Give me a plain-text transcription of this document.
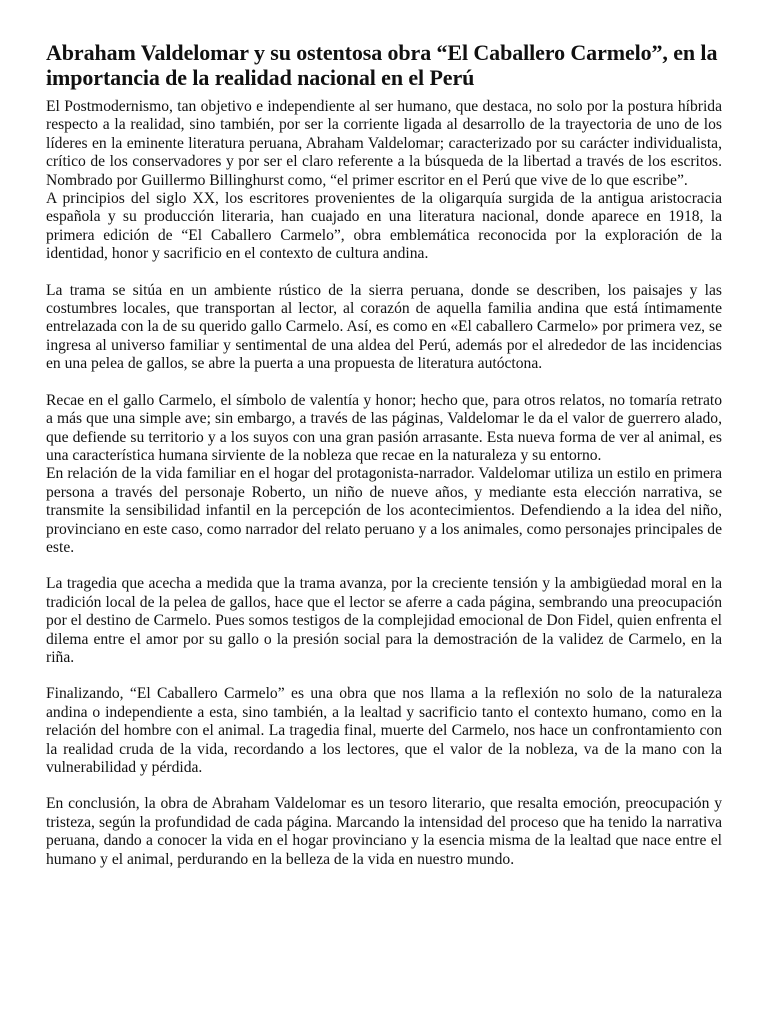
Abraham Valdelomar y su ostentosa obra “El Caballero Carmelo”, en la importancia de la realidad nacional en el Perú

El Postmodernismo, tan objetivo e independiente al ser humano, que destaca, no solo por la postura híbrida respecto a la realidad, sino también, por ser la corriente ligada al desarrollo de la trayectoria de uno de los líderes en la eminente literatura peruana, Abraham Valdelomar; caracterizado por su carácter individualista, crítico de los conservadores y por ser el claro referente a la búsqueda de la libertad a través de los escritos. Nombrado por Guillermo Billinghurst como, “el primer escritor en el Perú que vive de lo que escribe”.

A principios del siglo XX, los escritores provenientes de la oligarquía surgida de la antigua aristocracia española y su producción literaria, han cuajado en una literatura nacional, donde aparece en 1918, la primera edición de “El Caballero Carmelo”, obra emblemática reconocida por la exploración de la identidad, honor y sacrificio en el contexto de cultura andina.

La trama se sitúa en un ambiente rústico de la sierra peruana, donde se describen, los paisajes y las costumbres locales, que transportan al lector, al corazón de aquella familia andina que está íntimamente entrelazada con la de su querido gallo Carmelo. Así, es como en «El caballero Carmelo» por primera vez, se ingresa al universo familiar y sentimental de una aldea del Perú, además por el alrededor de las incidencias en una pelea de gallos, se abre la puerta a una propuesta de literatura autóctona.

Recae en el gallo Carmelo, el símbolo de valentía y honor; hecho que, para otros relatos, no tomaría retrato a más que una simple ave; sin embargo, a través de las páginas, Valdelomar le da el valor de guerrero alado, que defiende su territorio y a los suyos con una gran pasión arrasante. Esta nueva forma de ver al animal, es una característica humana sirviente de la nobleza que recae en la naturaleza y su entorno.

En relación de la vida familiar en el hogar del protagonista-narrador. Valdelomar utiliza un estilo en primera persona a través del personaje Roberto, un niño de nueve años, y mediante esta elección narrativa, se transmite la sensibilidad infantil en la percepción de los acontecimientos. Defendiendo a la idea del niño, provinciano en este caso, como narrador del relato peruano y a los animales, como personajes principales de este.

La tragedia que acecha a medida que la trama avanza, por la creciente tensión y la ambigüedad moral en la tradición local de la pelea de gallos, hace que el lector se aferre a cada página, sembrando una preocupación por el destino de Carmelo. Pues somos testigos de la complejidad emocional de Don Fidel, quien enfrenta el dilema entre el amor por su gallo o la presión social para la demostración de la validez de Carmelo, en la riña.

Finalizando, “El Caballero Carmelo” es una obra que nos llama a la reflexión no solo de la naturaleza andina o independiente a esta, sino también, a la lealtad y sacrificio tanto el contexto humano, como en la relación del hombre con el animal. La tragedia final, muerte del Carmelo, nos hace un confrontamiento con la realidad cruda de la vida, recordando a los lectores, que el valor de la nobleza, va de la mano con la vulnerabilidad y pérdida.

En conclusión, la obra de Abraham Valdelomar es un tesoro literario, que resalta emoción, preocupación y tristeza, según la profundidad de cada página. Marcando la intensidad del proceso que ha tenido la narrativa peruana, dando a conocer la vida en el hogar provinciano y la esencia misma de la lealtad que nace entre el humano y el animal, perdurando en la belleza de la vida en nuestro mundo.
